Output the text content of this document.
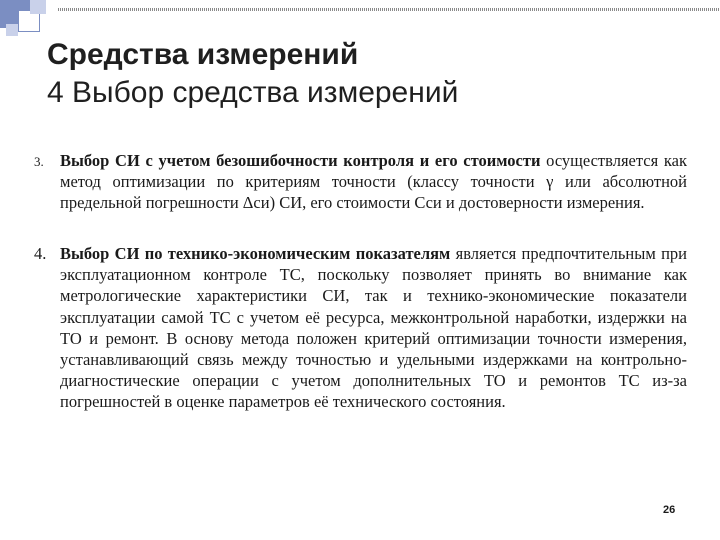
Средства измерений
4 Выбор средства измерений
3. Выбор СИ с учетом безошибочности контроля и его стоимости осуществляется как метод оптимизации по критериям точности (классу точности γ или абсолютной предельной погрешности Δси) СИ, его стоимости Сси и достоверности измерения.
4. Выбор СИ по технико-экономическим показателям является предпочтительным при эксплуатационном контроле ТС, поскольку позволяет принять во внимание как метрологические характеристики СИ, так и технико-экономические показатели эксплуатации самой ТС с учетом её ресурса, межконтрольной наработки, издержки на ТО и ремонт. В основу метода положен критерий оптимизации точности измерения, устанавливающий связь между точностью и удельными издержками на контрольно-диагностические операции с учетом дополнительных ТО и ремонтов ТС из-за погрешностей в оценке параметров её технического состояния.
26
